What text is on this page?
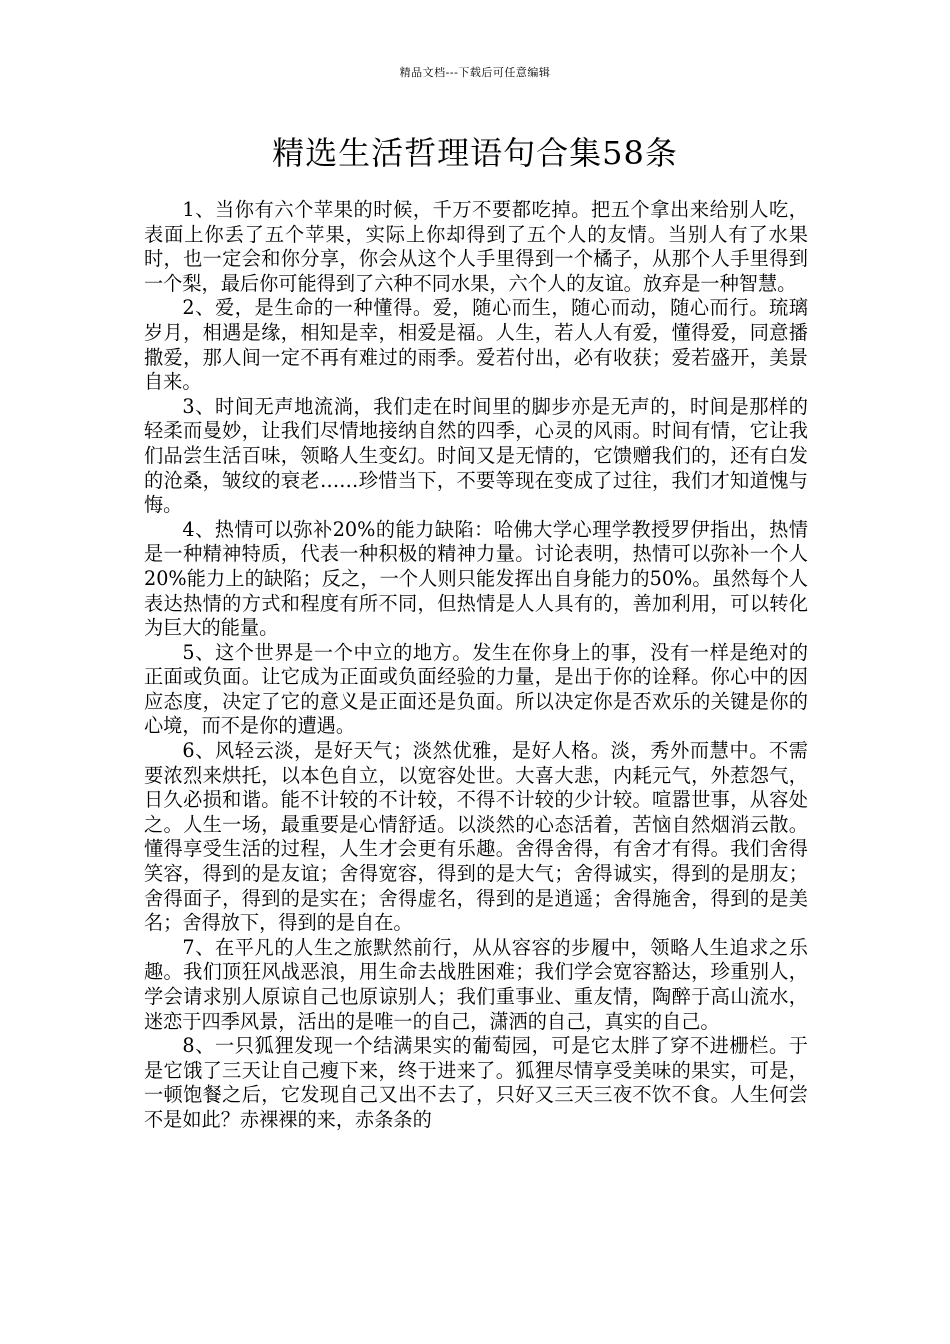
精品文档---下载后可任意编辑
精选生活哲理语句合集58条

1、当你有六个苹果的时候，千万不要都吃掉。把五个拿出来给别人吃，表面上你丢了五个苹果，实际上你却得到了五个人的友情。当别人有了水果时，也一定会和你分享，你会从这个人手里得到一个橘子，从那个人手里得到一个梨，最后你可能得到了六种不同水果，六个人的友谊。放弃是一种智慧。

2、爱，是生命的一种懂得。爱，随心而生，随心而动，随心而行。琉璃岁月，相遇是缘，相知是幸，相爱是福。人生，若人人有爱，懂得爱，同意播撒爱，那人间一定不再有难过的雨季。爱若付出，必有收获；爱若盛开，美景自来。

3、时间无声地流淌，我们走在时间里的脚步亦是无声的，时间是那样的轻柔而曼妙，让我们尽情地接纳自然的四季，心灵的风雨。时间有情，它让我们品尝生活百味，领略人生变幻。时间又是无情的，它馈赠我们的，还有白发的沧桑，皱纹的衰老……珍惜当下，不要等现在变成了过往，我们才知道愧与悔。

4、热情可以弥补20%的能力缺陷：哈佛大学心理学教授罗伊指出，热情是一种精神特质，代表一种积极的精神力量。讨论表明，热情可以弥补一个人20%能力上的缺陷；反之，一个人则只能发挥出自身能力的50%。虽然每个人表达热情的方式和程度有所不同，但热情是人人具有的，善加利用，可以转化为巨大的能量。

5、这个世界是一个中立的地方。发生在你身上的事，没有一样是绝对的正面或负面。让它成为正面或负面经验的力量，是出于你的诠释。你心中的因应态度，决定了它的意义是正面还是负面。所以决定你是否欢乐的关键是你的心境，而不是你的遭遇。

6、风轻云淡，是好天气；淡然优雅，是好人格。淡，秀外而慧中。不需要浓烈来烘托，以本色自立，以宽容处世。大喜大悲，内耗元气，外惹怨气，日久必损和谐。能不计较的不计较，不得不计较的少计较。喧嚣世事，从容处之。人生一场，最重要是心情舒适。以淡然的心态活着，苦恼自然烟消云散。懂得享受生活的过程，人生才会更有乐趣。舍得舍得，有舍才有得。我们舍得笑容，得到的是友谊；舍得宽容，得到的是大气；舍得诚实，得到的是朋友；舍得面子，得到的是实在；舍得虚名，得到的是逍遥；舍得施舍，得到的是美名；舍得放下，得到的是自在。

7、在平凡的人生之旅默然前行，从从容容的步履中，领略人生追求之乐趣。我们顶狂风战恶浪，用生命去战胜困难；我们学会宽容豁达，珍重别人，学会请求别人原谅自己也原谅别人；我们重事业、重友情，陶醉于高山流水，迷恋于四季风景，活出的是唯一的自己，潇洒的自己，真实的自己。

8、一只狐狸发现一个结满果实的葡萄园，可是它太胖了穿不进栅栏。于是它饿了三天让自己瘦下来，终于进来了。狐狸尽情享受美味的果实，可是，一顿饱餐之后，它发现自己又出不去了，只好又三天三夜不饮不食。人生何尝不是如此？赤裸裸的来，赤条条的
